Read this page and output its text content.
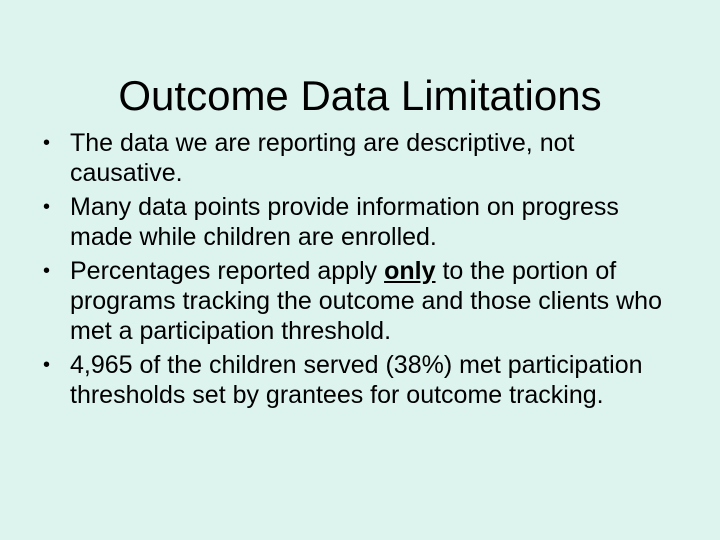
Outcome Data Limitations
• The data we are reporting are descriptive, not causative.
• Many data points provide information on progress made while children are enrolled.
• Percentages reported apply only to the portion of programs tracking the outcome and those clients who met a participation threshold.
• 4,965 of the children served (38%) met participation thresholds set by grantees for outcome tracking.
